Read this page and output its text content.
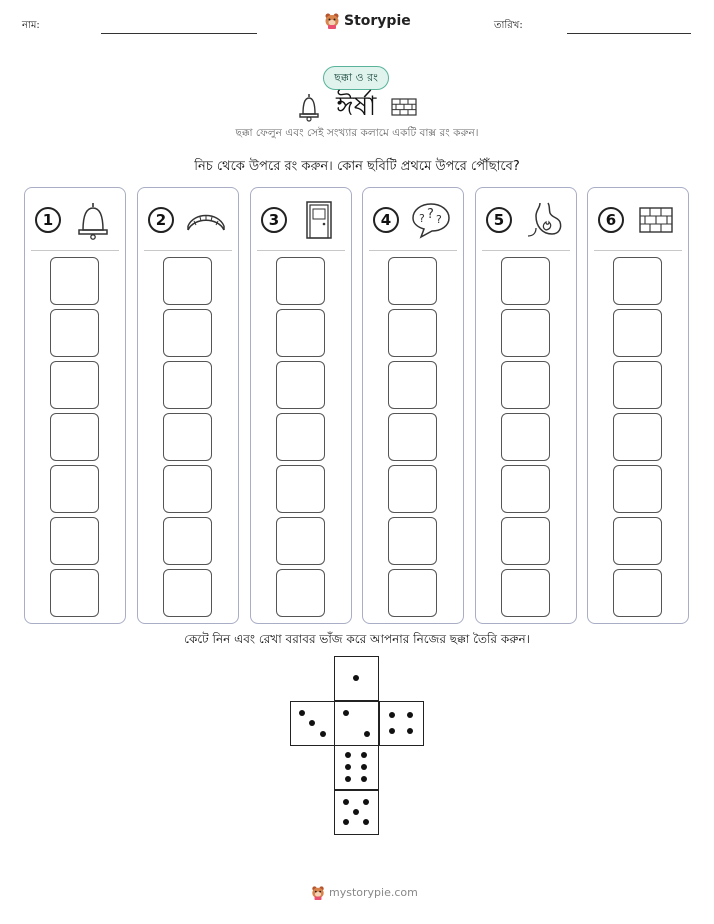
নাম:	Storypie	তারিখ:
ছক্কা ও রং
ঈর্ষা
ছক্কা ফেলুন এবং সেই সংখ্যার কলামে একটি বাক্স রং করুন।
নিচ থেকে উপরে রং করুন। কোন ছবিটি প্রথমে উপরে পৌঁছাবে?
1	2	3	4	? ? ?	5	6
কেটে নিন এবং রেখা বরাবর ভাঁজ করে আপনার নিজের ছক্কা তৈরি করুন।
mystorypie.com
